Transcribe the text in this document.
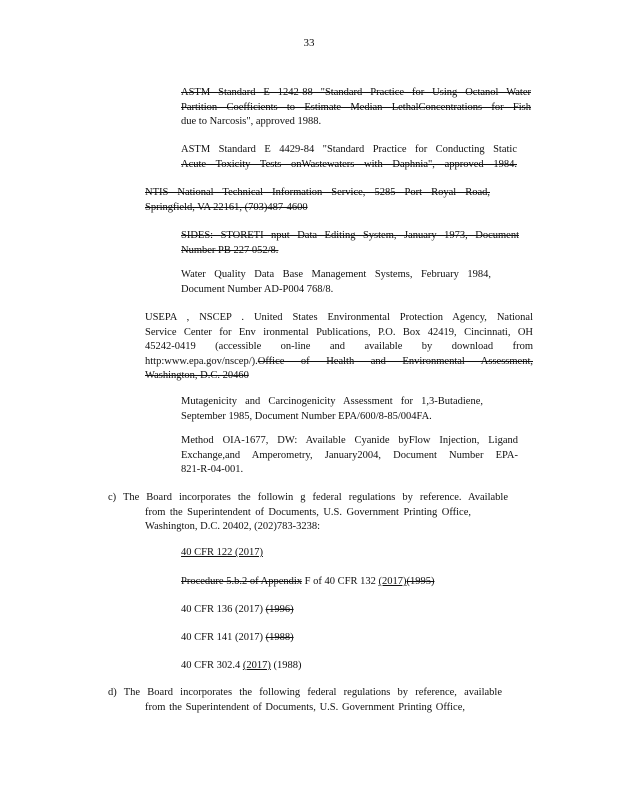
33
ASTM Standard E 1242-88 "Standard Practice for Using Octanol Water
Partition Coefficients to Estimate Median LethalConcentrations for Fish
due to Narcosis", approved 1988.
ASTM Standard E 4429-84 "Standard Practice for Conducting Static
Acute Toxicity Tests onWastewaters with Daphnia", approved 1984.
NTIS National Technical Information Service, 5285 Port Royal Road,
Springfield, VA 22161, (703)487-4600
SIDES: STORETI nput Data Editing System, January 1973, Document
Number PB 227 052/8.
Water Quality Data Base Management Systems, February 1984,
Document Number AD-P004 768/8.
USEPA , NSCEP . United States Environmental Protection Agency, National
Service Center for Env ironmental Publications, P.O. Box 42419, Cincinnati, OH
45242-0419 (accessible on-line and available by download from
http:www.epa.gov/nscep/).Office of Health and Environmental Assessment,
Washington, D.C. 20460
Mutagenicity and Carcinogenicity Assessment for 1,3-Butadiene,
September 1985, Document Number EPA/600/8-85/004FA.
Method OIA-1677, DW: Available Cyanide byFlow Injection, Ligand
Exchange,and Amperometry, January2004, Document Number EPA-
821-R-04-001.
c) The Board incorporates the followin g federal regulations by reference. Available
from the Superintendent of Documents, U.S. Government Printing Office,
Washington, D.C. 20402, (202)783-3238:
40 CFR 122 (2017)
Procedure 5.b.2 of Appendix F of 40 CFR 132 (2017)(1995)
40 CFR 136 (2017) (1996)
40 CFR 141 (2017) (1988)
40 CFR 302.4 (2017) (1988)
d) The Board incorporates the following federal regulations by reference, available
from the Superintendent of Documents, U.S. Government Printing Office,
